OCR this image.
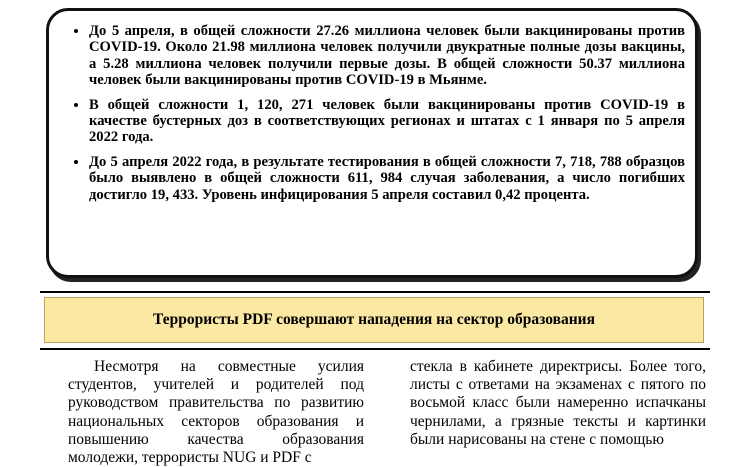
• До 5 апреля, в общей сложности 27.26 миллиона человек были вакцинированы против COVID-19. Около 21.98 миллиона человек получили двукратные полные дозы вакцины, а 5.28 миллиона человек получили первые дозы. В общей сложности 50.37 миллиона человек были вакцинированы против COVID-19 в Мьянме.
• В общей сложности 1, 120, 271 человек были вакцинированы против COVID-19 в качестве бустерных доз в соответствующих регионах и штатах с 1 января по 5 апреля 2022 года.
• До 5 апреля 2022 года, в результате тестирования в общей сложности 7, 718, 788 образцов было выявлено в общей сложности 611, 984 случая заболевания, а число погибших достигло 19, 433. Уровень инфицирования 5 апреля составил 0,42 процента.
Террористы PDF совершают нападения на сектор образования

Несмотря на совместные усилия студентов, учителей и родителей под руководством правительства по развитию национальных секторов образования и повышению качества образования молодежи, террористы NUG и PDF с

стекла в кабинете директрисы. Более того, листы с ответами на экзаменах с пятого по восьмой класс были намеренно испачканы чернилами, а грязные тексты и картинки были нарисованы на стене с помощью
